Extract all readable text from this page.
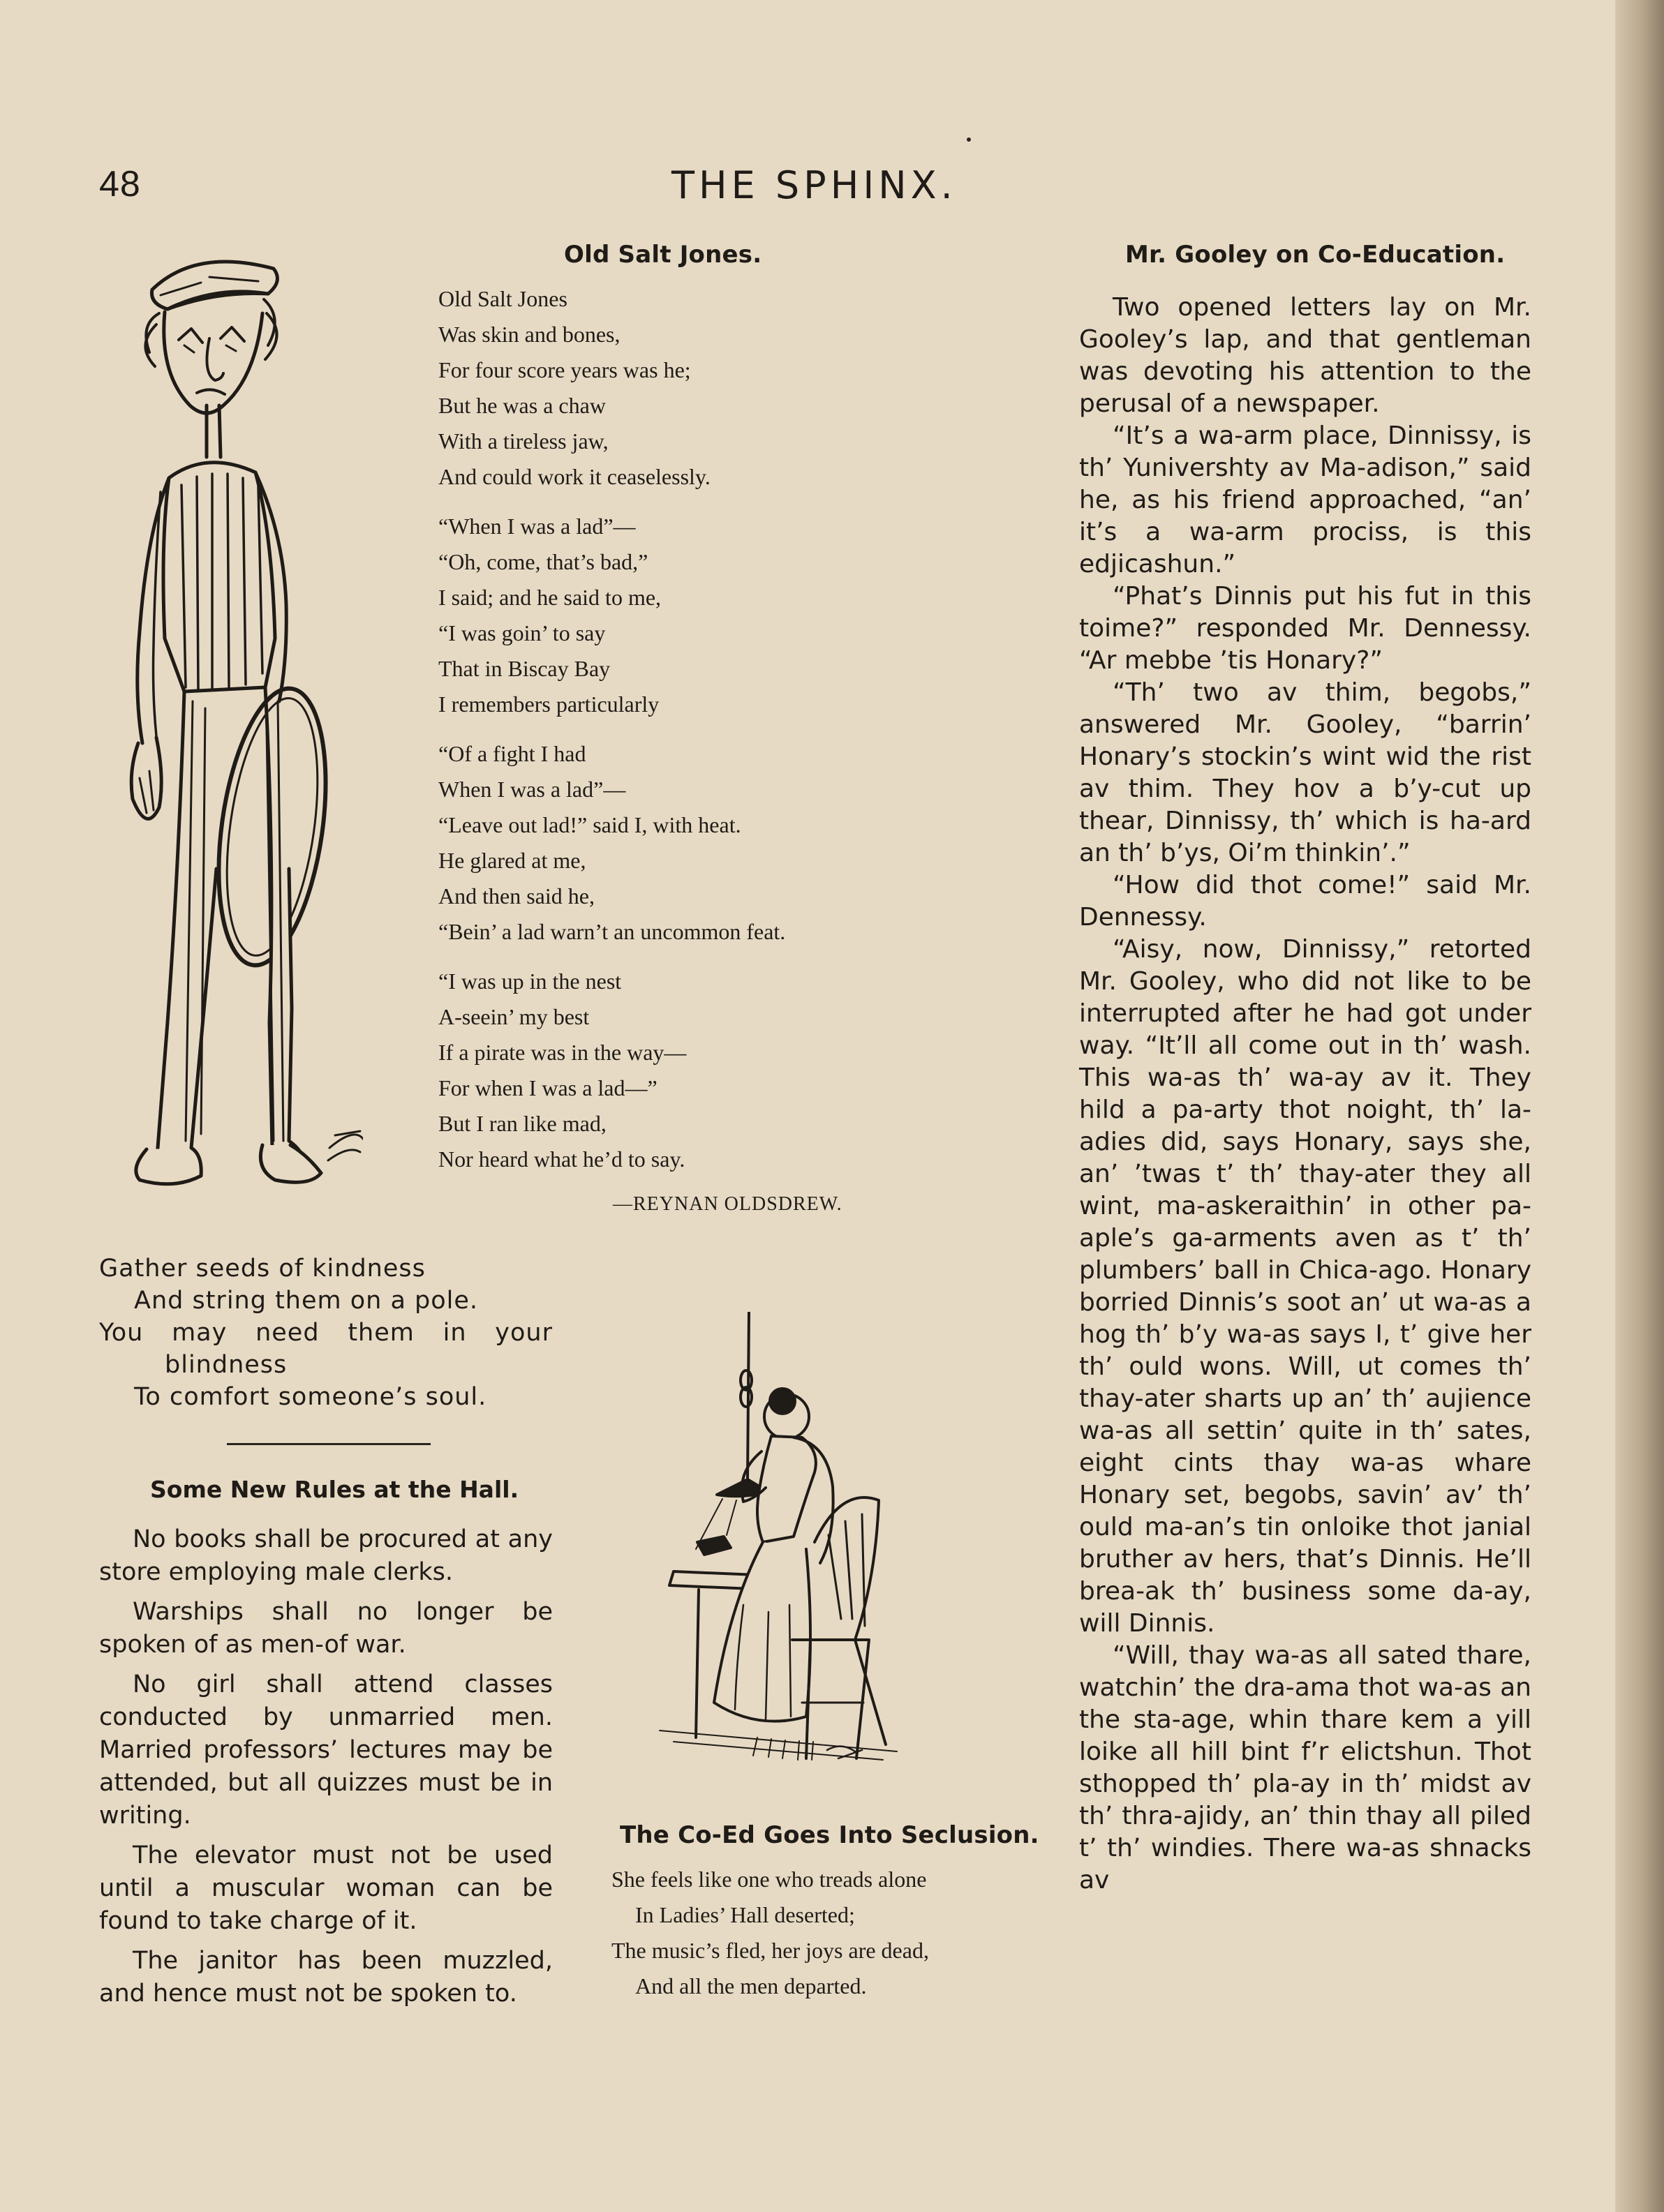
48	THE SPHINX.
Old Salt Jones.
Old Salt Jones
Was skin and bones,
For four score years was he;
But he was a chaw
With a tireless jaw,
And could work it ceaselessly.
“When I was a lad”—
“Oh, come, that’s bad,”
I said; and he said to me,
“I was goin’ to say
That in Biscay Bay
I remembers particularly
“Of a fight I had
When I was a lad”—
“Leave out lad!” said I, with heat.
He glared at me,
And then said he,
“Bein’ a lad warn’t an uncommon feat.
“I was up in the nest
A-seein’ my best
If a pirate was in the way—
For when I was a lad—”
But I ran like mad,
Nor heard what he’d to say.
—REYNAN OLDSDREW.
Gather seeds of kindness
And string them on a pole.
You may need them in your
blindness
To comfort someone’s soul.
Some New Rules at the Hall.

No books shall be procured at any store employing male clerks.

Warships shall no longer be spoken of as men-of war.

No girl shall attend classes conducted by unmarried men. Married professors’ lectures may be attended, but all quizzes must be in writing.

The elevator must not be used until a muscular woman can be found to take charge of it.

The janitor has been muzzled, and hence must not be spoken to.

The Co-Ed Goes Into Seclusion.
She feels like one who treads alone
In Ladies’ Hall deserted;
The music’s fled, her joys are dead,
And all the men departed.
Mr. Gooley on Co-Education.

Two opened letters lay on Mr. Gooley’s lap, and that gentleman was devoting his attention to the perusal of a newspaper.

“It’s a wa-arm place, Dinnissy, is th’ Yunivershty av Ma-adison,” said he, as his friend approached, “an’ it’s a wa-arm prociss, is this edjicashun.”

“Phat’s Dinnis put his fut in this toime?” responded Mr. Dennessy. “Ar mebbe ’tis Honary?”

“Th’ two av thim, begobs,” answered Mr. Gooley, “barrin’ Honary’s stockin’s wint wid the rist av thim. They hov a b’y-cut up thear, Dinnissy, th’ which is ha-ard an th’ b’ys, Oi’m thinkin’.”

“How did thot come!” said Mr. Dennessy.

“Aisy, now, Dinnissy,” retorted Mr. Gooley, who did not like to be interrupted after he had got under way. “It’ll all come out in th’ wash. This wa-as th’ wa-ay av it. They hild a pa-arty thot noight, th’ la-adies did, says Honary, says she, an’ ’twas t’ th’ thay-ater they all wint, ma-askeraithin’ in other pa-aple’s ga-arments aven as t’ th’ plumbers’ ball in Chica-ago. Honary borried Dinnis’s soot an’ ut wa-as a hog th’ b’y wa-as says I, t’ give her th’ ould wons. Will, ut comes th’ thay-ater sharts up an’ th’ aujience wa-as all settin’ quite in th’ sates, eight cints thay wa-as whare Honary set, begobs, savin’ av’ th’ ould ma-an’s tin onloike thot janial bruther av hers, that’s Dinnis. He’ll brea-ak th’ business some da-ay, will Dinnis.

“Will, thay wa-as all sated thare, watchin’ the dra-ama thot wa-as an the sta-age, whin thare kem a yill loike all hill bint f’r elictshun. Thot sthopped th’ pla-ay in th’ midst av th’ thra-ajidy, an’ thin thay all piled t’ th’ windies. There wa-as shnacks av
